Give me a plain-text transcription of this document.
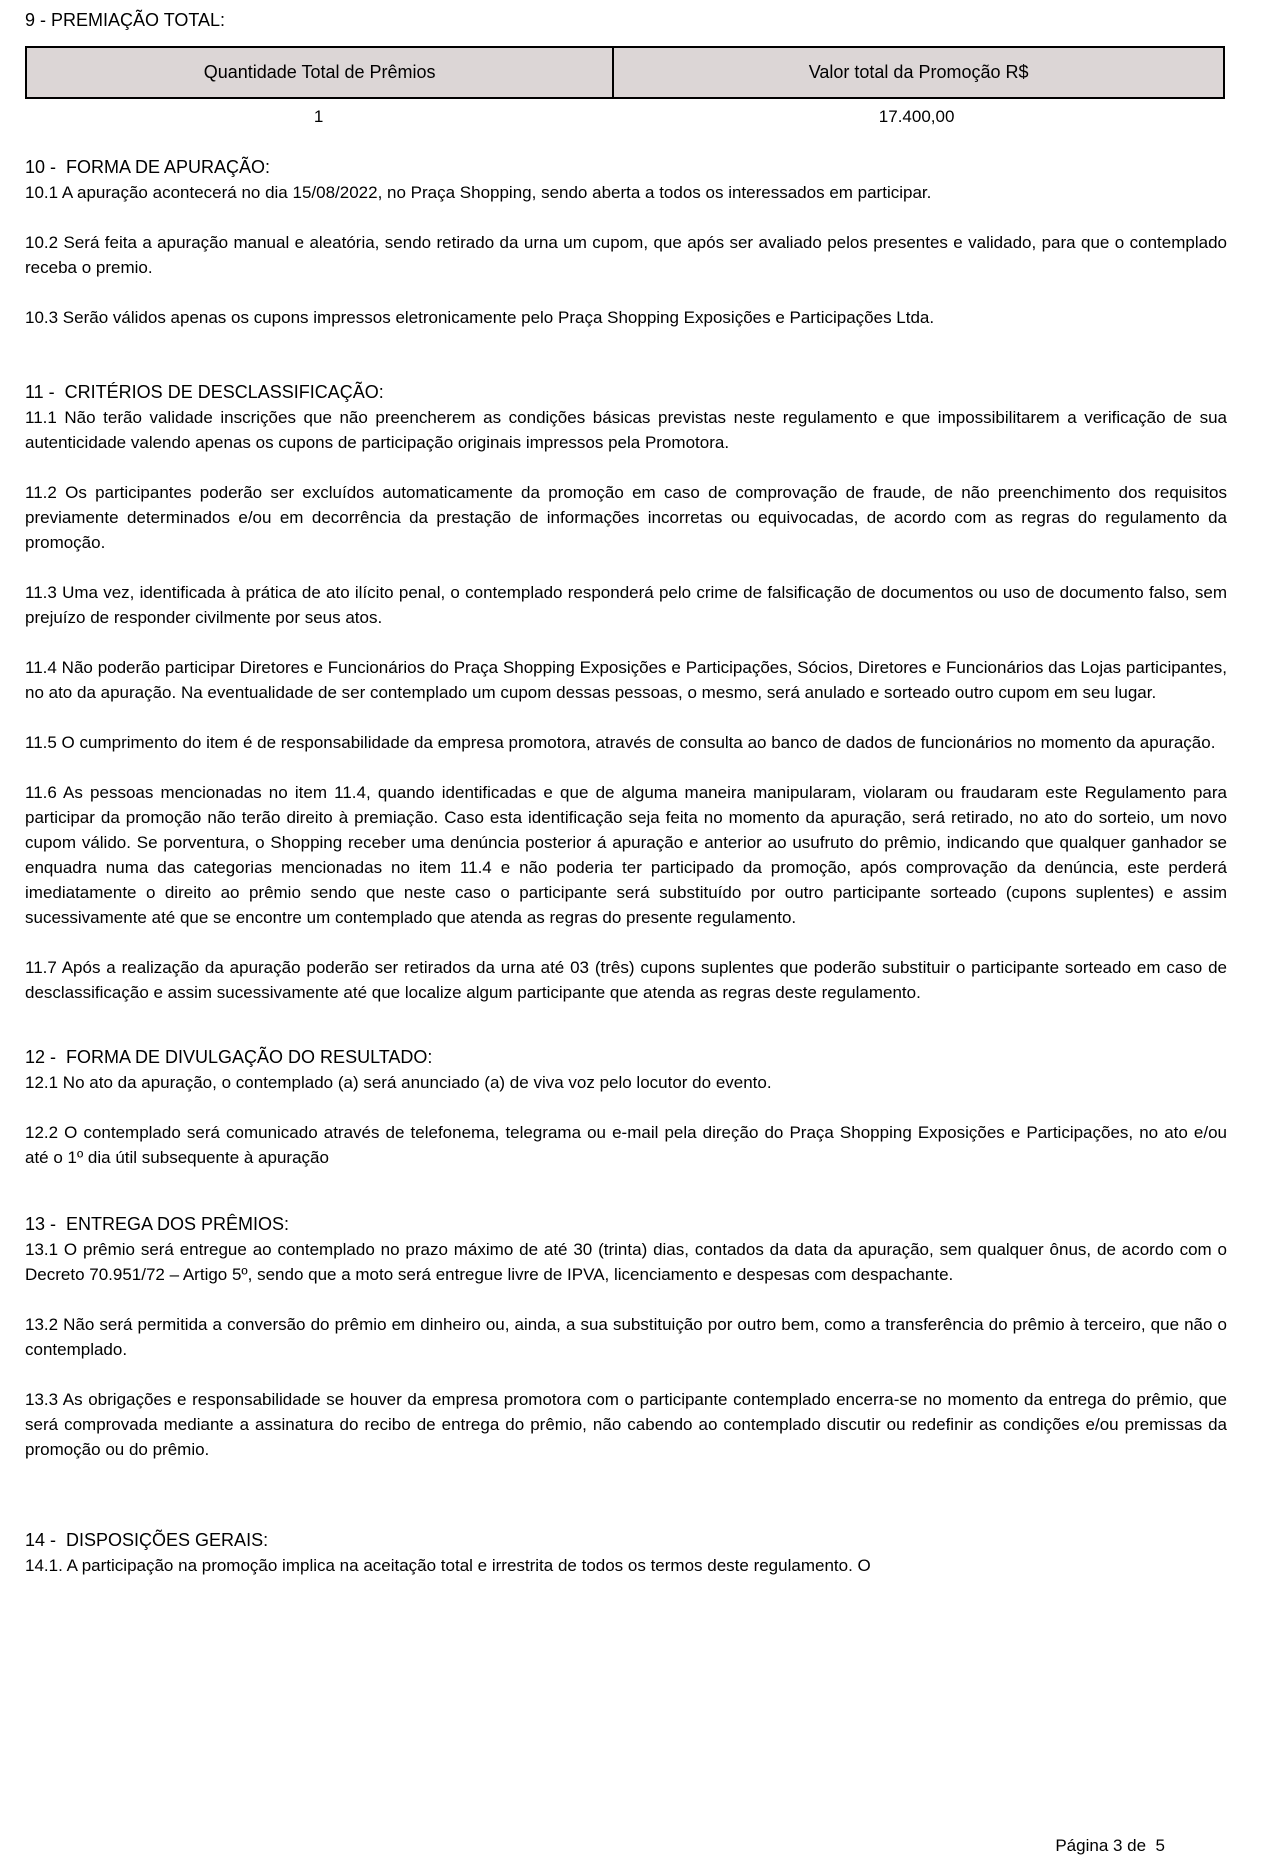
9 - PREMIAÇÃO TOTAL:
Quantidade Total de Prêmios	Valor total da Promoção R$
1	17.400,00
10 -  FORMA DE APURAÇÃO:

10.1 A apuração acontecerá no dia 15/08/2022, no Praça Shopping, sendo aberta a todos os interessados em participar.

10.2 Será feita a apuração manual e aleatória, sendo retirado da urna um cupom, que após ser avaliado pelos presentes e validado, para que o contemplado receba o premio.

10.3 Serão válidos apenas os cupons impressos eletronicamente pelo Praça Shopping Exposições e Participações Ltda.

11 -  CRITÉRIOS DE DESCLASSIFICAÇÃO:

11.1 Não terão validade inscrições que não preencherem as condições básicas previstas neste regulamento e que impossibilitarem a verificação de sua autenticidade valendo apenas os cupons de participação originais impressos pela Promotora.

11.2 Os participantes poderão ser excluídos automaticamente da promoção em caso de comprovação de fraude, de não preenchimento dos requisitos previamente determinados e/ou em decorrência da prestação de informações incorretas ou equivocadas, de acordo com as regras do regulamento da promoção.

11.3 Uma vez, identificada à prática de ato ilícito penal, o contemplado responderá pelo crime de falsificação de documentos ou uso de documento falso, sem prejuízo de responder civilmente por seus atos.

11.4 Não poderão participar Diretores e Funcionários do Praça Shopping Exposições e Participações, Sócios, Diretores e Funcionários das Lojas participantes, no ato da apuração. Na eventualidade de ser contemplado um cupom dessas pessoas, o mesmo, será anulado e sorteado outro cupom em seu lugar.

11.5 O cumprimento do item é de responsabilidade da empresa promotora, através de consulta ao banco de dados de funcionários no momento da apuração.

11.6 As pessoas mencionadas no item 11.4, quando identificadas e que de alguma maneira manipularam, violaram ou fraudaram este Regulamento para participar da promoção não terão direito à premiação. Caso esta identificação seja feita no momento da apuração, será retirado, no ato do sorteio, um novo cupom válido. Se porventura, o Shopping receber uma denúncia posterior á apuração e anterior ao usufruto do prêmio, indicando que qualquer ganhador se enquadra numa das categorias mencionadas no item 11.4 e não poderia ter participado da promoção, após comprovação da denúncia, este perderá imediatamente o direito ao prêmio sendo que neste caso o participante será substituído por outro participante sorteado (cupons suplentes) e assim sucessivamente até que se encontre um contemplado que atenda as regras do presente regulamento.

11.7 Após a realização da apuração poderão ser retirados da urna até 03 (três) cupons suplentes que poderão substituir o participante sorteado em caso de desclassificação e assim sucessivamente até que localize algum participante que atenda as regras deste regulamento.

12 -  FORMA DE DIVULGAÇÃO DO RESULTADO:

12.1 No ato da apuração, o contemplado (a) será anunciado (a) de viva voz pelo locutor do evento.

12.2 O contemplado será comunicado através de telefonema, telegrama ou e-mail pela direção do Praça Shopping Exposições e Participações, no ato e/ou até o 1º dia útil subsequente à apuração

13 -  ENTREGA DOS PRÊMIOS:

13.1 O prêmio será entregue ao contemplado no prazo máximo de até 30 (trinta) dias, contados da data da apuração, sem qualquer ônus, de acordo com o Decreto 70.951/72 – Artigo 5º, sendo que a moto será entregue livre de IPVA, licenciamento e despesas com despachante.

13.2 Não será permitida a conversão do prêmio em dinheiro ou, ainda, a sua substituição por outro bem, como a transferência do prêmio à terceiro, que não o contemplado.

13.3 As obrigações e responsabilidade se houver da empresa promotora com o participante contemplado encerra-se no momento da entrega do prêmio, que será comprovada mediante a assinatura do recibo de entrega do prêmio, não cabendo ao contemplado discutir ou redefinir as condições e/ou premissas da promoção ou do prêmio.

14 -  DISPOSIÇÕES GERAIS:

14.1. A participação na promoção implica na aceitação total e irrestrita de todos os termos deste regulamento. O

Página 3 de  5
